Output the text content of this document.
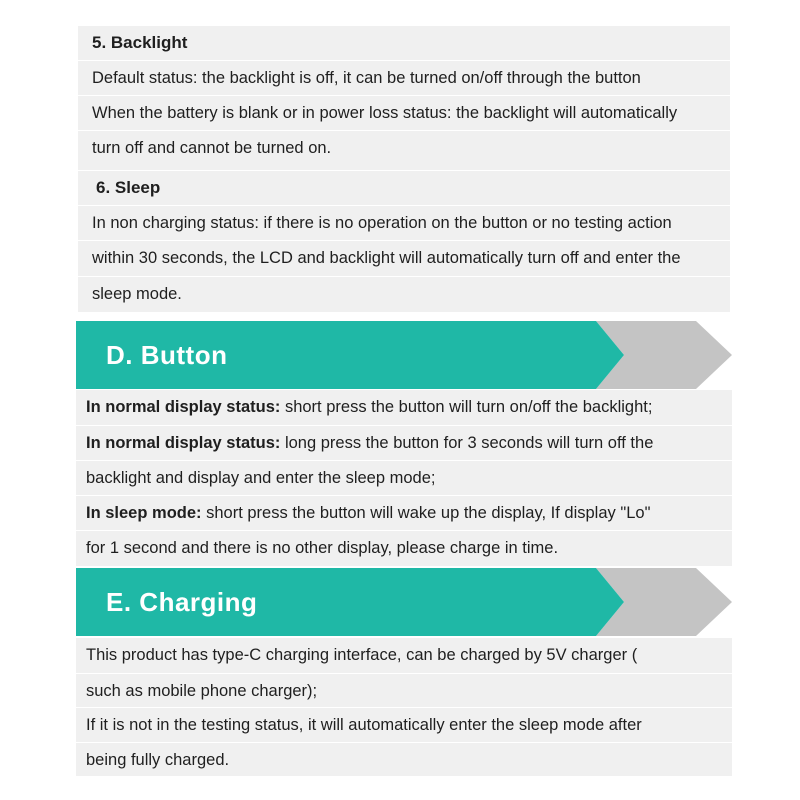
5. Backlight
Default status: the backlight is off, it can be turned on/off through the button
When the battery is blank or in power loss status: the backlight will automatically
turn off and cannot be turned on.
6. Sleep
In non charging status: if there is no operation on the button or no testing action
within 30 seconds, the LCD and backlight will automatically turn off and enter the
sleep mode.
D. Button
In normal display status: short press the button will turn on/off the backlight;
In normal display status: long press the button for 3 seconds will turn off the
backlight and display and enter the sleep mode;
In sleep mode: short press the button will wake up the display, If display "Lo"
for 1 second and there is no other display, please charge in time.
E. Charging
This product has type-C charging interface, can be charged by 5V charger (
such as mobile phone charger);
If it is not in the testing status, it will automatically enter the sleep mode after
being fully charged.
